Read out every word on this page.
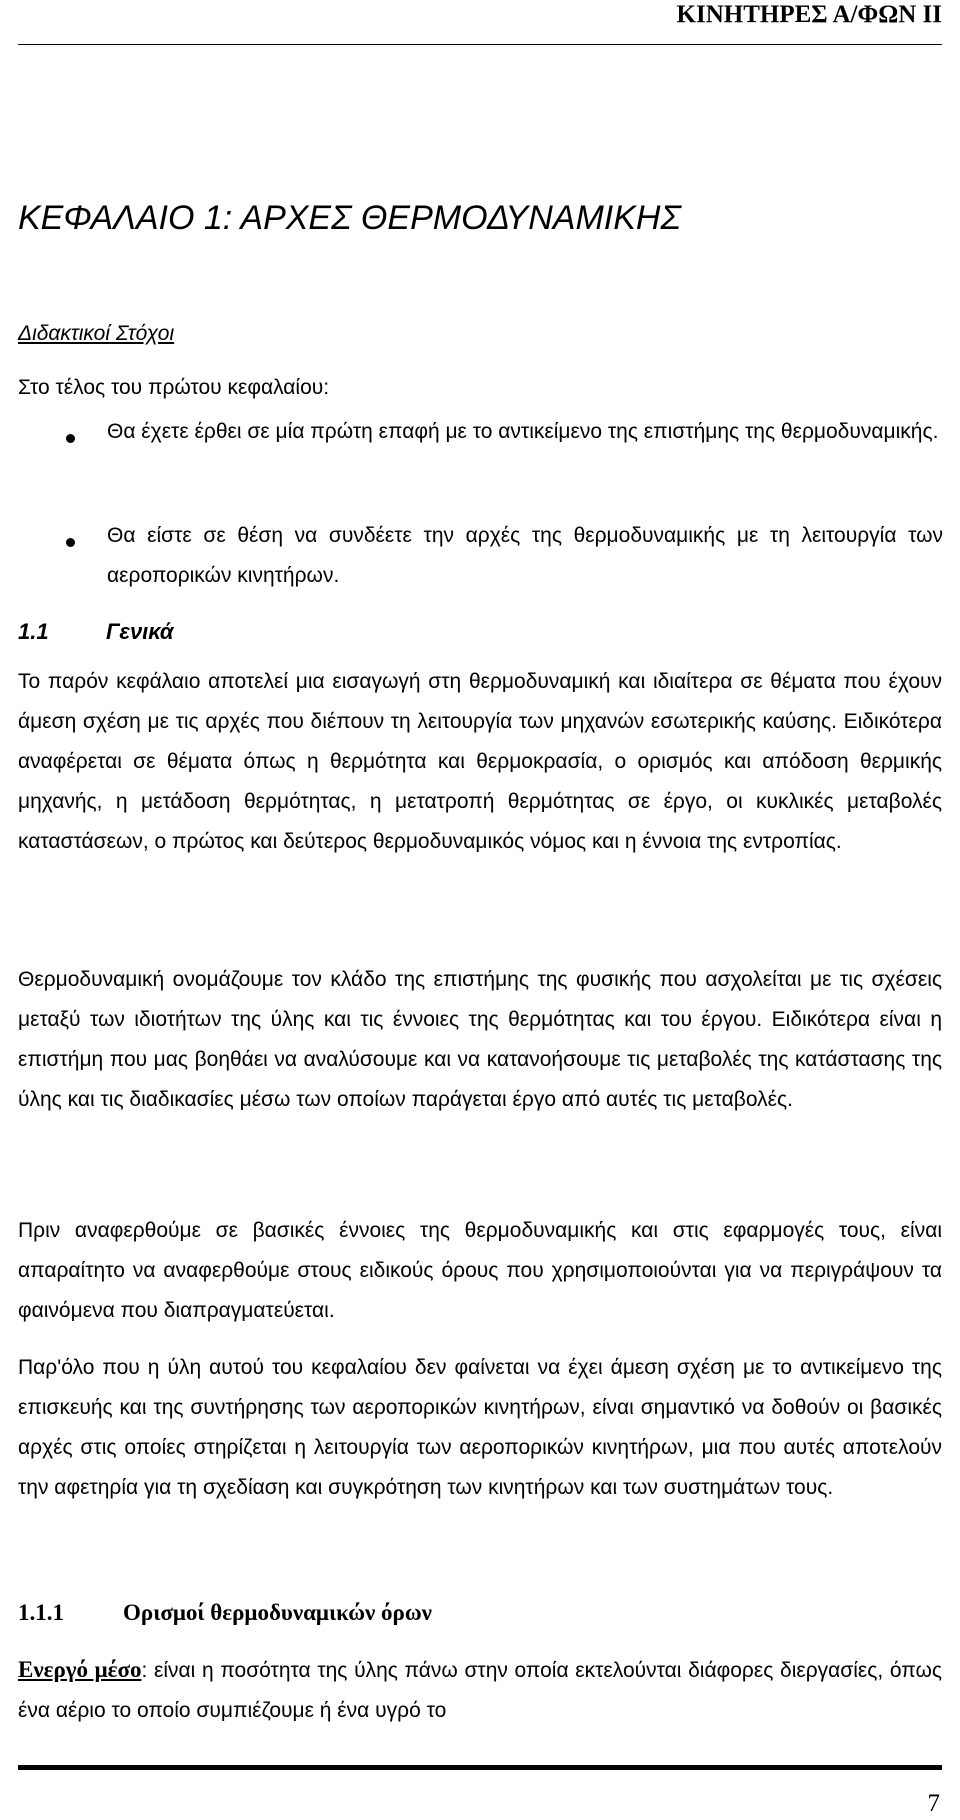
ΚΙΝΗΤΗΡΕΣ Α/ΦΩΝ ΙΙ
ΚΕΦΑΛΑΙΟ 1: ΑΡΧΕΣ ΘΕΡΜΟΔΥΝΑΜΙΚΗΣ
Διδακτικοί Στόχοι
Στο τέλος του πρώτου κεφαλαίου:
Θα έχετε έρθει σε μία πρώτη επαφή με το αντικείμενο της επιστήμης της θερμοδυναμικής.
Θα είστε σε θέση να συνδέετε την αρχές της θερμοδυναμικής με τη λειτουργία των αεροπορικών κινητήρων.
1.1	Γενικά

Το παρόν κεφάλαιο αποτελεί μια εισαγωγή στη θερμοδυναμική και ιδιαίτερα σε θέματα που έχουν άμεση σχέση με τις αρχές που διέπουν τη λειτουργία των μηχανών εσωτερικής καύσης. Ειδικότερα αναφέρεται σε θέματα όπως η θερμότητα και θερμοκρασία, ο ορισμός και απόδοση θερμικής μηχανής, η μετάδοση θερμότητας, η μετατροπή θερμότητας σε έργο, οι κυκλικές μεταβολές καταστάσεων, ο πρώτος και δεύτερος θερμοδυναμικός νόμος και η έννοια της εντροπίας.

Θερμοδυναμική ονομάζουμε τον κλάδο της επιστήμης της φυσικής που ασχολείται με τις σχέσεις μεταξύ των ιδιοτήτων της ύλης και τις έννοιες της θερμότητας και του έργου. Ειδικότερα είναι η επιστήμη που μας βοηθάει να αναλύσουμε και να κατανοήσουμε τις μεταβολές της κατάστασης της ύλης και τις διαδικασίες μέσω των οποίων παράγεται έργο από αυτές τις μεταβολές.

Πριν αναφερθούμε σε βασικές έννοιες της θερμοδυναμικής και στις εφαρμογές τους, είναι απαραίτητο να αναφερθούμε στους ειδικούς όρους που χρησιμοποιούνται για να περιγράψουν τα φαινόμενα που διαπραγματεύεται.

Παρ'όλο που η ύλη αυτού του κεφαλαίου δεν φαίνεται να έχει άμεση σχέση με το αντικείμενο της επισκευής και της συντήρησης των αεροπορικών κινητήρων, είναι σημαντικό να δοθούν οι βασικές αρχές στις οποίες στηρίζεται η λειτουργία των αεροπορικών κινητήρων, μια που αυτές αποτελούν την αφετηρία για τη σχεδίαση και συγκρότηση των κινητήρων και των συστημάτων τους.

1.1.1	Ορισμοί θερμοδυναμικών όρων

Ενεργό μέσο: είναι η ποσότητα της ύλης πάνω στην οποία εκτελούνται διάφορες διεργασίες, όπως ένα αέριο το οποίο συμπιέζουμε ή ένα υγρό το

7
